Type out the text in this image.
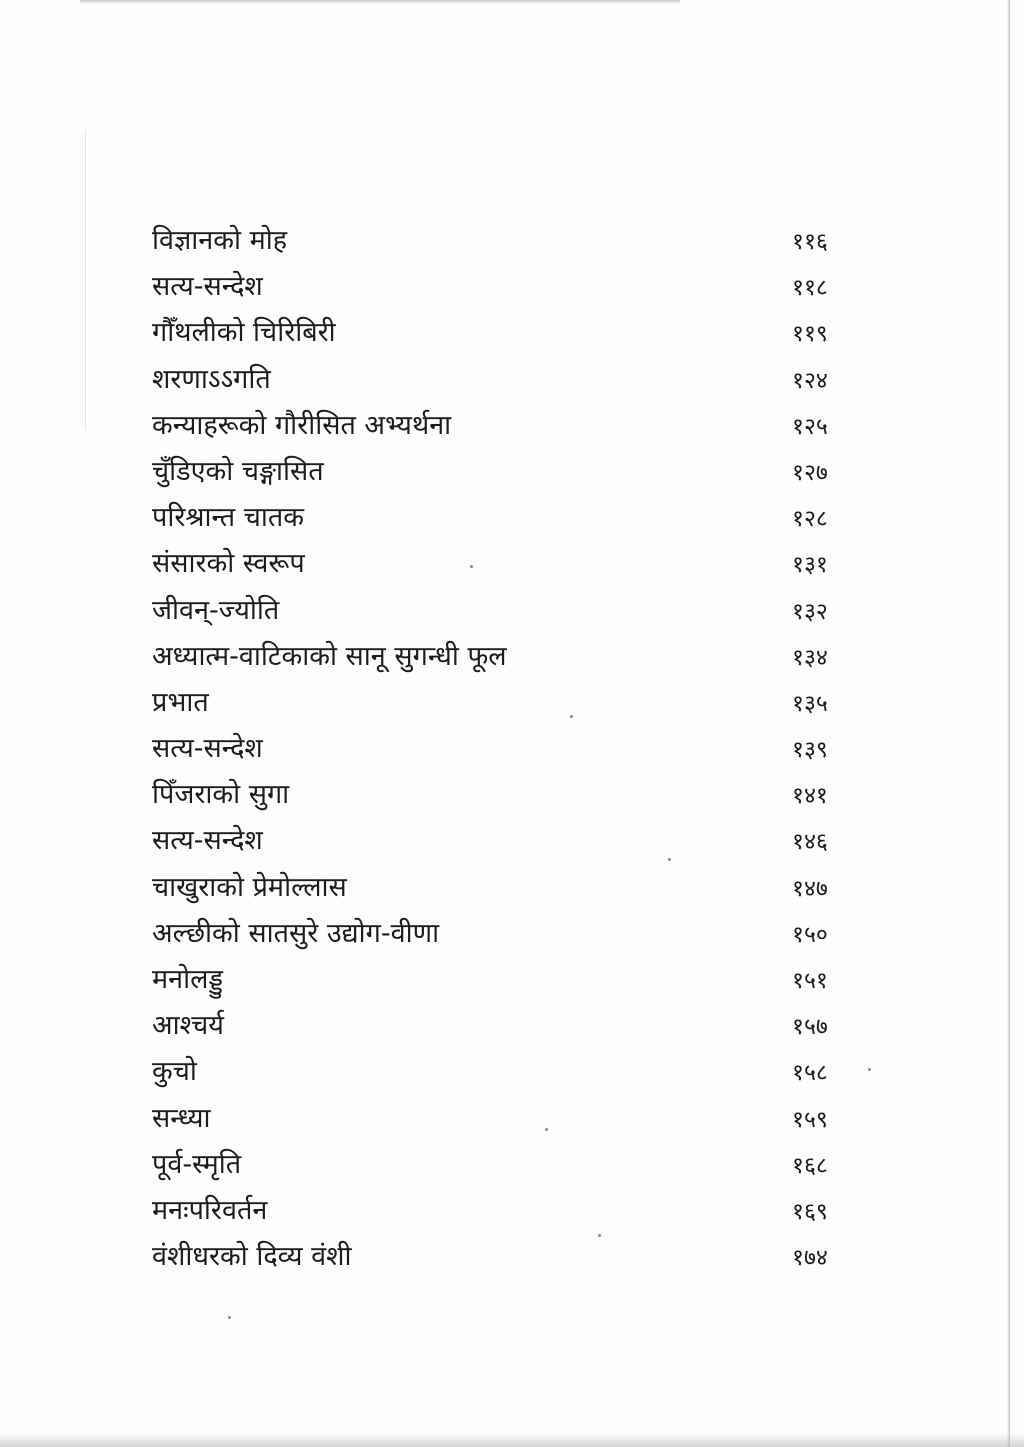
विज्ञानको मोह	११६
सत्य-सन्देश	११८
गौँथलीको चिरिबिरी	११९
शरणाऽऽगति	१२४
कन्याहरूको गौरीसित अभ्यर्थना	१२५
चुँडिएको चङ्गासित	१२७
परिश्रान्त चातक	१२८
संसारको स्वरूप	१३१
जीवन्-ज्योति	१३२
अध्यात्म-वाटिकाको सानू सुगन्धी फूल	१३४
प्रभात	१३५
सत्य-सन्देश	१३९
पिँजराको सुगा	१४१
सत्य-सन्देश	१४६
चाखुराको प्रेमोल्लास	१४७
अल्छीको सातसुरे उद्योग-वीणा	१५०
मनोलड्डु	१५१
आश्चर्य	१५७
कुचो	१५८
सन्ध्या	१५९
पूर्व-स्मृति	१६८
मनःपरिवर्तन	१६९
वंशीधरको दिव्य वंशी	१७४
